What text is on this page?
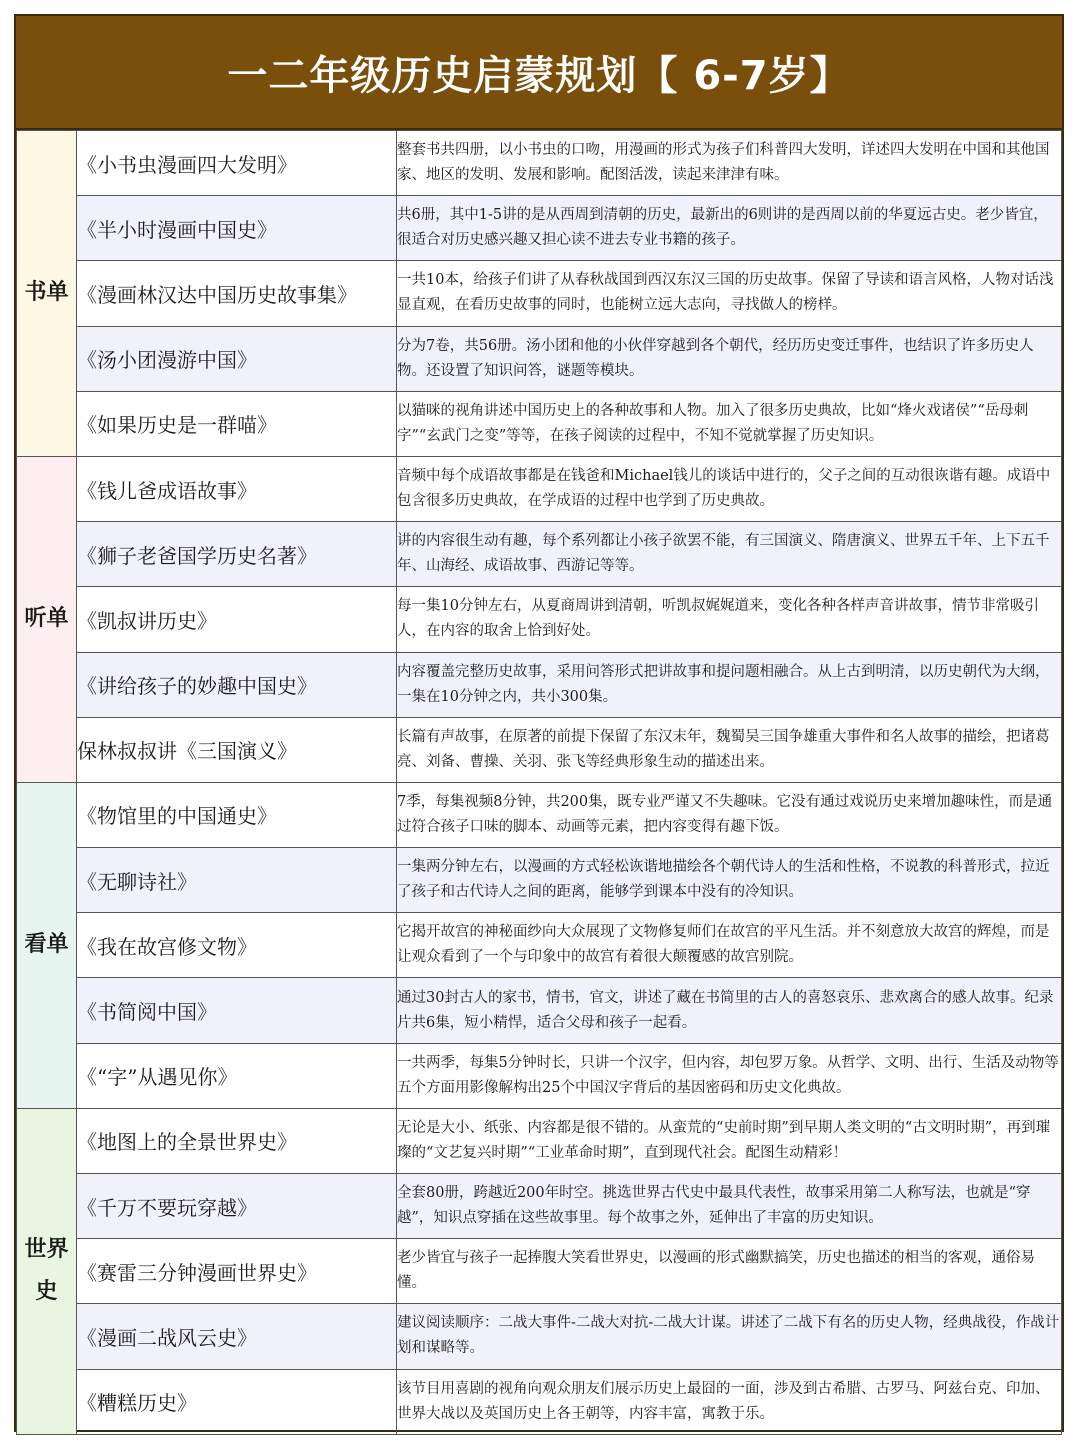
一二年级历史启蒙规划【 6-7岁】
书单	《小书虫漫画四大发明》	整套书共四册，以小书虫的口吻，用漫画的形式为孩子们科普四大发明，详述四大发明在中国和其他国家、地区的发明、发展和影响。配图活泼，读起来津津有味。
	《半小时漫画中国史》	共6册，其中1-5讲的是从西周到清朝的历史，最新出的6则讲的是西周以前的华夏远古史。老少皆宜，很适合对历史感兴趣又担心读不进去专业书籍的孩子。
	《漫画林汉达中国历史故事集》	一共10本，给孩子们讲了从春秋战国到西汉东汉三国的历史故事。保留了导读和语言风格，人物对话浅显直观，在看历史故事的同时，也能树立远大志向，寻找做人的榜样。
	《汤小团漫游中国》	分为7卷，共56册。汤小团和他的小伙伴穿越到各个朝代，经历历史变迁事件，也结识了许多历史人物。还设置了知识问答，谜题等模块。
	《如果历史是一群喵》	以猫咪的视角讲述中国历史上的各种故事和人物。加入了很多历史典故，比如“烽火戏诸侯”“岳母刺字”“玄武门之变”等等，在孩子阅读的过程中，不知不觉就掌握了历史知识。
听单	《钱儿爸成语故事》	音频中每个成语故事都是在钱爸和Michael钱儿的谈话中进行的，父子之间的互动很诙谐有趣。成语中包含很多历史典故，在学成语的过程中也学到了历史典故。
	《狮子老爸国学历史名著》	讲的内容很生动有趣，每个系列都让小孩子欲罢不能，有三国演义、隋唐演义、世界五千年、上下五千年、山海经、成语故事、西游记等等。
	《凯叔讲历史》	每一集10分钟左右，从夏商周讲到清朝，听凯叔娓娓道来，变化各种各样声音讲故事，情节非常吸引人，在内容的取舍上恰到好处。
	《讲给孩子的妙趣中国史》	内容覆盖完整历史故事，采用问答形式把讲故事和提问题相融合。从上古到明清，以历史朝代为大纲，一集在10分钟之内，共小300集。
	保林叔叔讲《三国演义》	长篇有声故事，在原著的前提下保留了东汉末年，魏蜀吴三国争雄重大事件和名人故事的描绘，把诸葛亮、刘备、曹操、关羽、张飞等经典形象生动的描述出来。
看单	《物馆里的中国通史》	7季，每集视频8分钟，共200集，既专业严谨又不失趣味。它没有通过戏说历史来增加趣味性，而是通过符合孩子口味的脚本、动画等元素，把内容变得有趣下饭。
	《无聊诗社》	一集两分钟左右，以漫画的方式轻松诙谐地描绘各个朝代诗人的生活和性格，不说教的科普形式，拉近了孩子和古代诗人之间的距离，能够学到课本中没有的冷知识。
	《我在故宫修文物》	它揭开故宫的神秘面纱向大众展现了文物修复师们在故宫的平凡生活。并不刻意放大故宫的辉煌，而是让观众看到了一个与印象中的故宫有着很大颠覆感的故宫别院。
	《书简阅中国》	通过30封古人的家书，情书，官文，讲述了藏在书简里的古人的喜怒哀乐、悲欢离合的感人故事。纪录片共6集，短小精悍，适合父母和孩子一起看。
	《“字”从遇见你》	一共两季，每集5分钟时长，只讲一个汉字，但内容，却包罗万象。从哲学、文明、出行、生活及动物等五个方面用影像解构出25个中国汉字背后的基因密码和历史文化典故。
世界史	《地图上的全景世界史》	无论是大小、纸张、内容都是很不错的。从蛮荒的“史前时期”到早期人类文明的“古文明时期”，再到璀璨的“文艺复兴时期”“工业革命时期”，直到现代社会。配图生动精彩！
	《千万不要玩穿越》	全套80册，跨越近200年时空。挑选世界古代史中最具代表性，故事采用第二人称写法，也就是“穿越”，知识点穿插在这些故事里。每个故事之外，延伸出了丰富的历史知识。
	《赛雷三分钟漫画世界史》	老少皆宜与孩子一起捧腹大笑看世界史，以漫画的形式幽默搞笑，历史也描述的相当的客观，通俗易懂。
	《漫画二战风云史》	建议阅读顺序：二战大事件-二战大对抗-二战大计谋。讲述了二战下有名的历史人物，经典战役，作战计划和谋略等。
	《糟糕历史》	该节目用喜剧的视角向观众朋友们展示历史上最囧的一面，涉及到古希腊、古罗马、阿兹台克、印加、世界大战以及英国历史上各王朝等，内容丰富，寓教于乐。
